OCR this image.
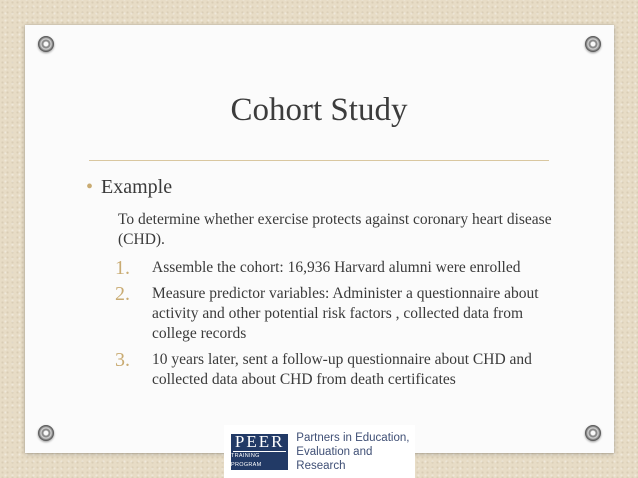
Cohort Study
• Example

To determine whether exercise protects against coronary heart disease (CHD).

1.	Assemble the cohort: 16,936 Harvard alumni were enrolled
2.	Measure predictor variables: Administer a questionnaire about activity and other potential risk factors , collected data from college records
3.	10 years later, sent a follow-up questionnaire about CHD and collected data about CHD from death certificates
PEER
TRAINING PROGRAM
Partners in Education,
Evaluation and Research
